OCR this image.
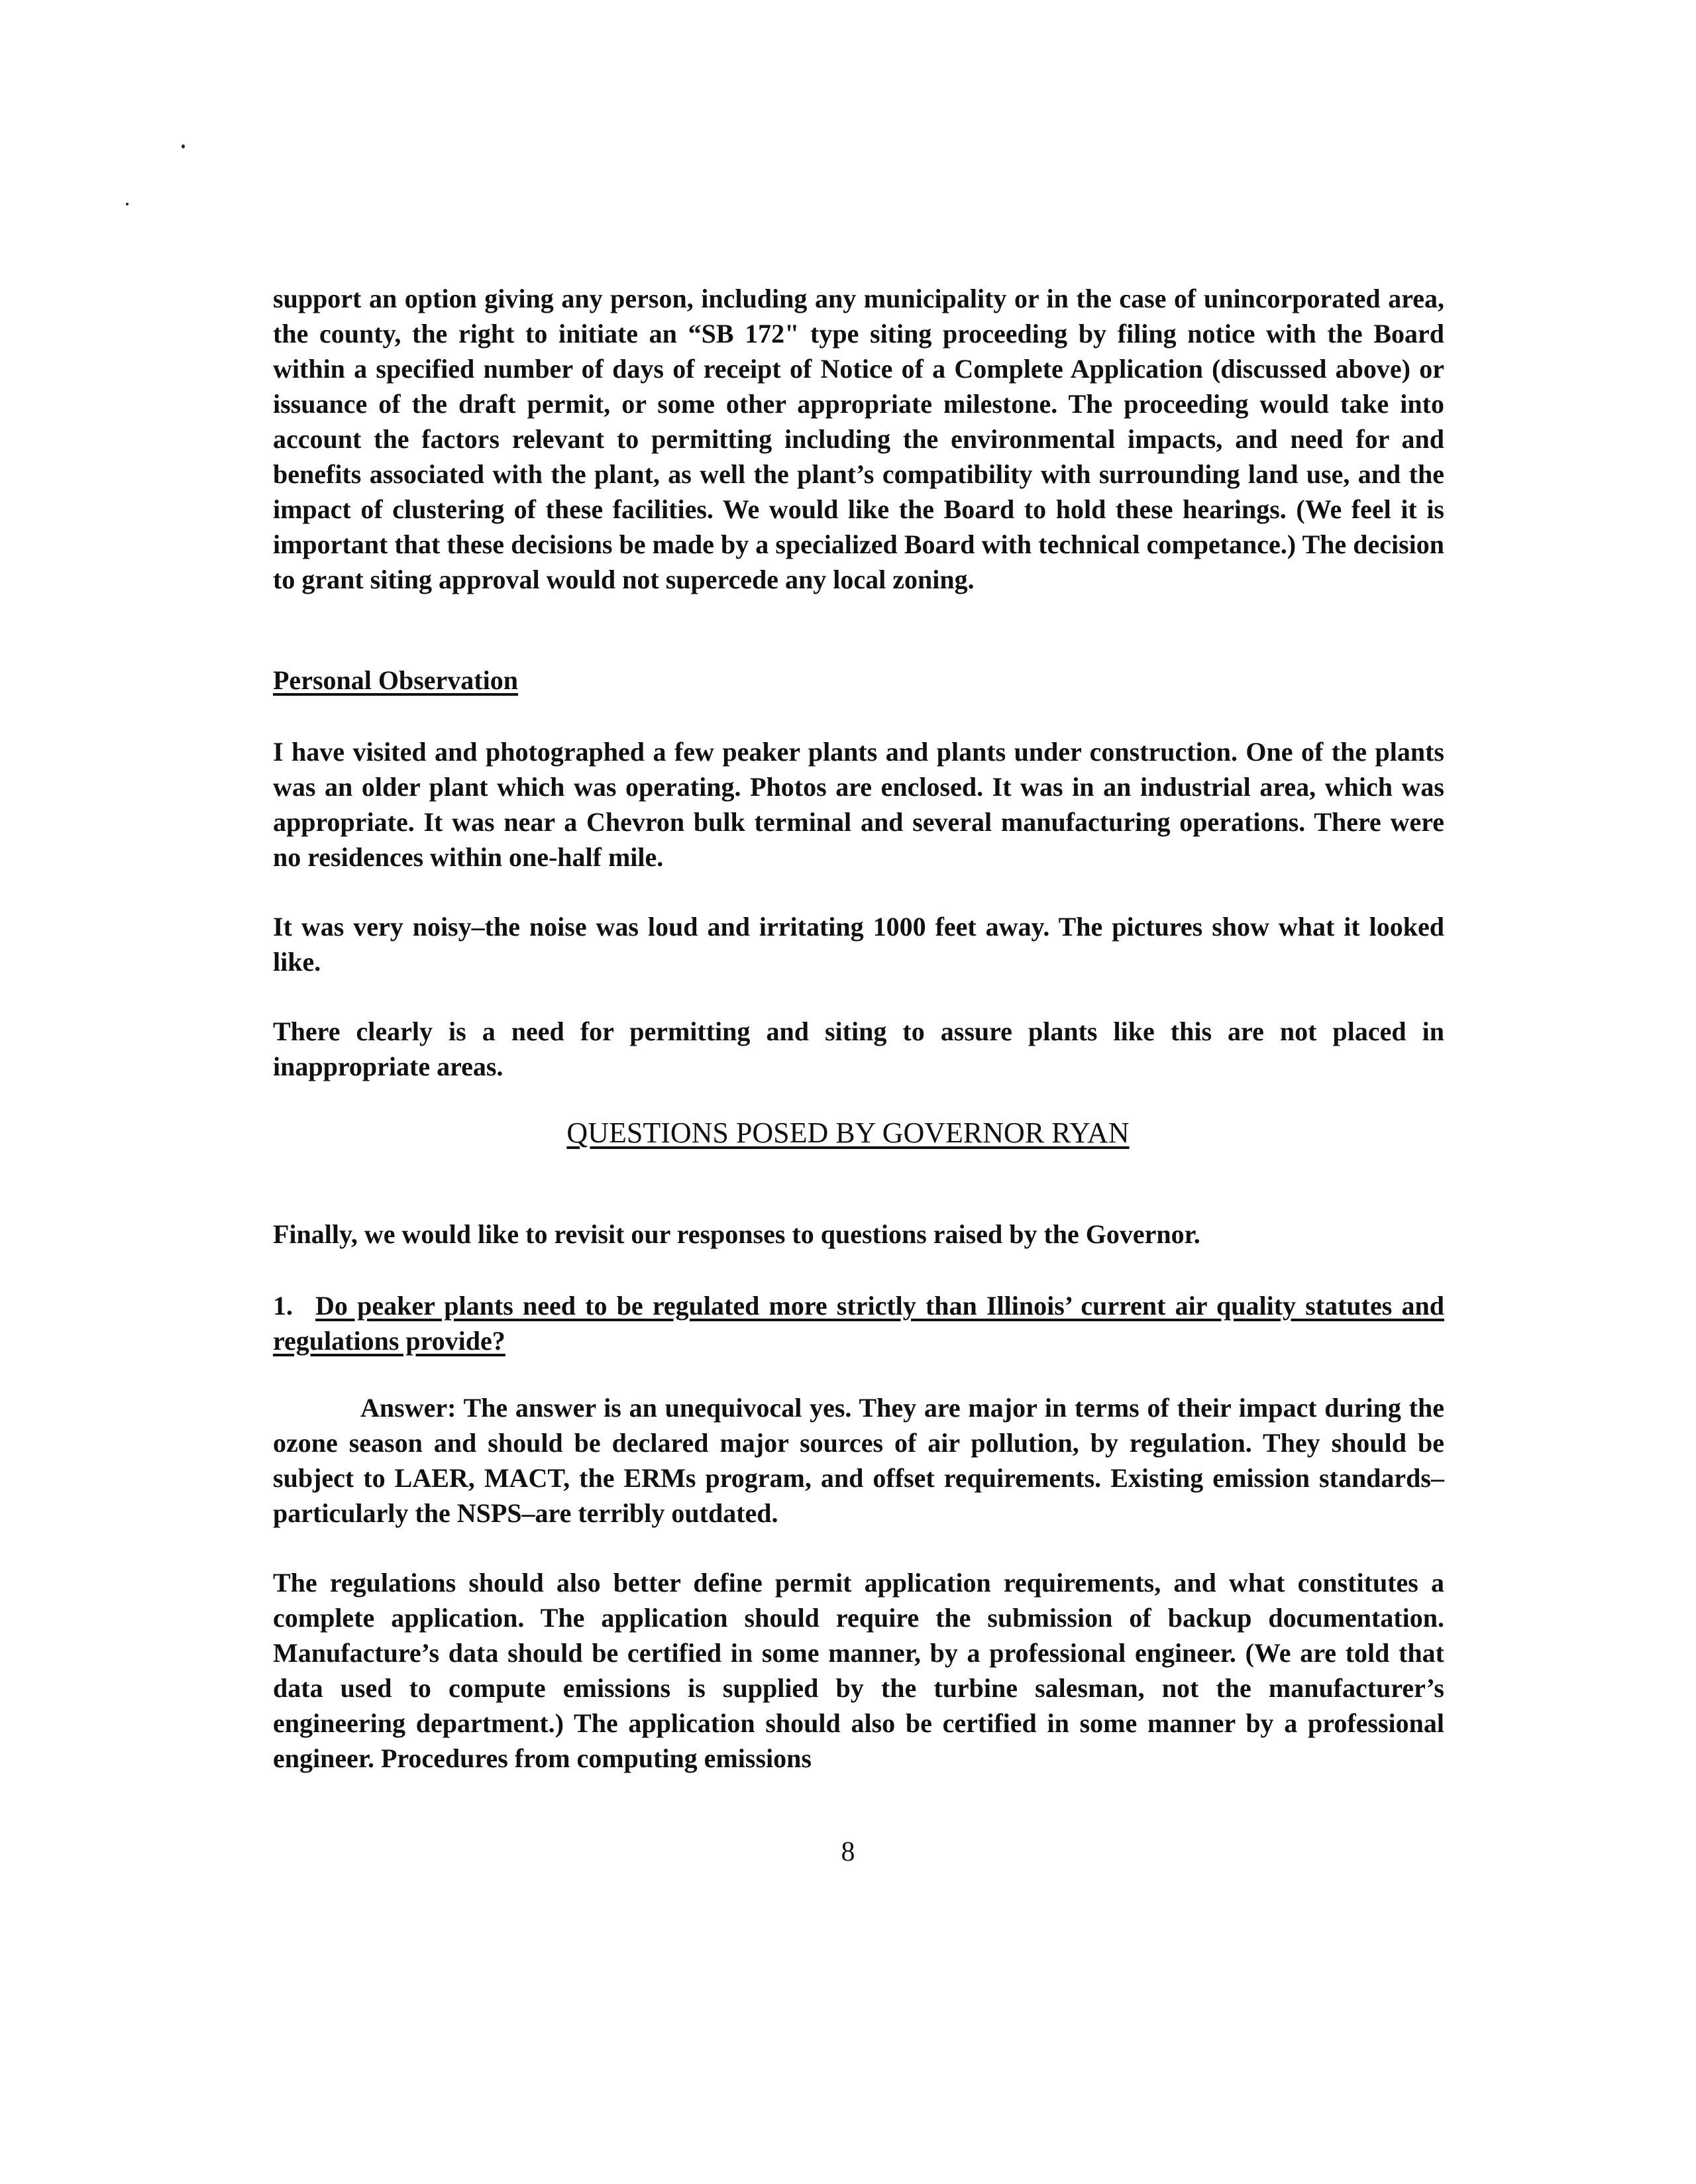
support an option giving any person, including any municipality or in the case of unincorporated area, the county, the right to initiate an “SB 172" type siting proceeding by filing notice with the Board within a specified number of days of receipt of Notice of a Complete Application (discussed above) or issuance of the draft permit, or some other appropriate milestone. The proceeding would take into account the factors relevant to permitting including the environmental impacts, and need for and benefits associated with the plant, as well the plant’s compatibility with surrounding land use, and the impact of clustering of these facilities. We would like the Board to hold these hearings. (We feel it is important that these decisions be made by a specialized Board with technical competance.) The decision to grant siting approval would not supercede any local zoning.
Personal Observation
I have visited and photographed a few peaker plants and plants under construction. One of the plants was an older plant which was operating. Photos are enclosed. It was in an industrial area, which was appropriate. It was near a Chevron bulk terminal and several manufacturing operations. There were no residences within one-half mile.
It was very noisy–the noise was loud and irritating 1000 feet away. The pictures show what it looked like.
There clearly is a need for permitting and siting to assure plants like this are not placed in inappropriate areas.
QUESTIONS POSED BY GOVERNOR RYAN
Finally, we would like to revisit our responses to questions raised by the Governor.
1. Do peaker plants need to be regulated more strictly than Illinois’ current air quality statutes and regulations provide?
Answer: The answer is an unequivocal yes. They are major in terms of their impact during the ozone season and should be declared major sources of air pollution, by regulation. They should be subject to LAER, MACT, the ERMs program, and offset requirements. Existing emission standards–particularly the NSPS–are terribly outdated.
The regulations should also better define permit application requirements, and what constitutes a complete application. The application should require the submission of backup documentation. Manufacture’s data should be certified in some manner, by a professional engineer. (We are told that data used to compute emissions is supplied by the turbine salesman, not the manufacturer’s engineering department.) The application should also be certified in some manner by a professional engineer. Procedures from computing emissions
8
